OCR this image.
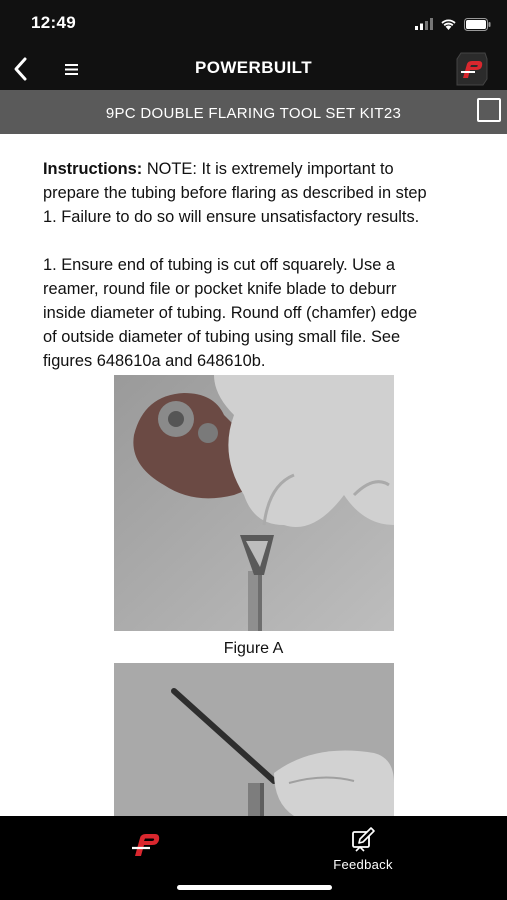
12:49
POWERBUILT
9PC DOUBLE FLARING TOOL SET KIT23

Instructions: NOTE: It is extremely important to

prepare the tubing before flaring as described in step

1. Failure to do so will ensure unsatisfactory results.

1. Ensure end of tubing is cut off squarely. Use a

reamer, round file or pocket knife blade to deburr

inside diameter of tubing. Round off (chamfer) edge

of outside diameter of tubing using small file. See

figures 648610a and 648610b.

Figure A
Feedback
